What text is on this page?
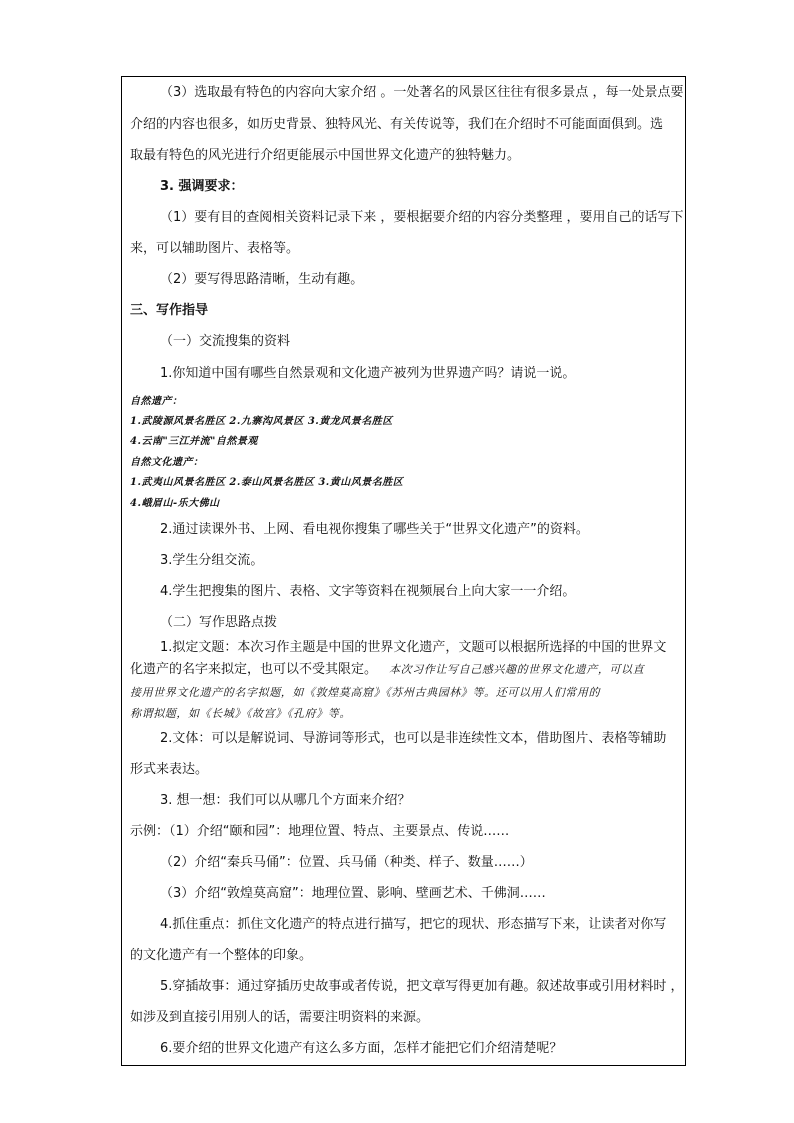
（3）选取最有特色的内容向大家介绍 。一处著名的风景区往往有很多景点 ，每一处景点要
介绍的内容也很多，如历史背景、独特风光、有关传说等，我们在介绍时不可能面面俱到。选
取最有特色的风光进行介绍更能展示中国世界文化遗产的独特魅力。
3. 强调要求：
（1）要有目的查阅相关资料记录下来 ，要根据要介绍的内容分类整理 ，要用自己的话写下
来，可以辅助图片、表格等。
（2）要写得思路清晰，生动有趣。
三、写作指导
（一）交流搜集的资料
1.你知道中国有哪些自然景观和文化遗产被列为世界遗产吗？请说一说。
自然遗产：
1.武陵源风景名胜区 2.九寨沟风景区 3.黄龙风景名胜区
4.云南"三江并流"自然景观
自然文化遗产：
1.武夷山风景名胜区 2.泰山风景名胜区 3.黄山风景名胜区
4.峨眉山-乐大佛山
2.通过读课外书、上网、看电视你搜集了哪些关于“世界文化遗产”的资料。
3.学生分组交流。
4.学生把搜集的图片、表格、文字等资料在视频展台上向大家一一介绍。
（二）写作思路点拨
1.拟定文题：本次习作主题是中国的世界文化遗产，文题可以根据所选择的中国的世界文
化遗产的名字来拟定，也可以不受其限定。 本次习作让写自己感兴趣的世界文化遗产，可以直
接用世界文化遗产的名字拟题，如《敦煌莫高窟》《苏州古典园林》等。还可以用人们常用的
称谓拟题，如《长城》《故宫》《孔府》等。
2.文体：可以是解说词、导游词等形式，也可以是非连续性文本，借助图片、表格等辅助
形式来表达。
3. 想一想：我们可以从哪几个方面来介绍？
示例：（1）介绍“颐和园”：地理位置、特点、主要景点、传说……
（2）介绍“秦兵马俑”：位置、兵马俑（种类、样子、数量……）
（3）介绍“敦煌莫高窟”：地理位置、影响、壁画艺术、千佛洞……
4.抓住重点：抓住文化遗产的特点进行描写，把它的现状、形态描写下来，让读者对你写
的文化遗产有一个整体的印象。
5.穿插故事：通过穿插历史故事或者传说，把文章写得更加有趣。叙述故事或引用材料时 ，
如涉及到直接引用别人的话，需要注明资料的来源。
6.要介绍的世界文化遗产有这么多方面，怎样才能把它们介绍清楚呢？
